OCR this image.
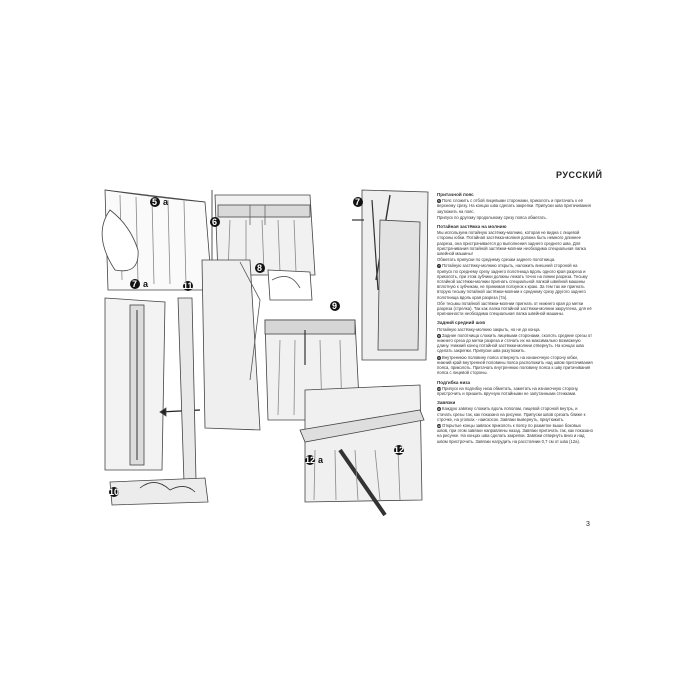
5 а
6
7
7 а
8
9
10
11
12
12 а
РУССКИЙ
Притачной пояс

5 Пояс сложить с отбой лицевыми сторонами, приколоть и притачать к её верхнему срезу. На концах шва сделать закрепки. Припуски шва притачивания заутюжить на пояс.

Припуск по другому продольному срезу пояса обметать.

Потайная застёжка на молнию

Мы используем потайную застёжку-молнию, которая не видна с лицевой стороны юбки. Потайная застёжка-молния должна быть немного длиннее разреза, она пристрачивается до выполнения заднего среднего шва. Для пристрачивания потайной застёжки-молнии необходима специальная лапка швейной машины!

Обметать припуски по среднему срезам заднего полотнища.

7 Потайную застёжку-молнию открыть, наложить внешней стороной на припуск по среднему срезу заднего полотнища вдоль одного края разреза и приколоть, при этом зубчики должны лежать точно на линии разреза. Тесьму потайной застёжки-молнии пригнать специальной лапкой швейной машины вплотную к зубчикам, не принимая ползунок к краю. За тем так же пригнать вторую тесьму потайной застёжки-молнии к среднему срезу другого заднего полотнища вдоль края разреза (7а).

Обе тесьмы потайной застёжки-молнии пригнать от нижнего края до метки разреза (стрелка). Так как лапка потайной застёжки-молнии закруглена, для её пригнанности необходима специальная лапка швейной машины.

Задний средний шов

Потайную застёжку-молнию закрыть, но не до конца.

8 Задние полотнища сложить лицевыми сторонами, сколоть средние срезы от нижнего среза до метки разреза и стачать их на максимально возможную длину. Нижний конец потайной застёжки-молнии отвернуть. На концах шва сделать закрепки. Припуски шва разутюжить.

9 Внутреннюю половину пояса отвернуть на изнаночную сторону юбки, нижний край внутренней половины пояса расположить над швом притачивания пояса, приколоть. Притачать внутреннюю половину пояса к шву притачивания пояса с лицевой стороны.

Подгибка низа

10Припуск на подгибку низа обметать, заметать на изнаночную сторону, пристрочить и пришить вручную потайными не запутанными стежками.

Завязки

11Каждую завязку сложить вдоль пополам, лицевой стороной внутрь, и стачать срезы так, как показано на рисунке. Припуски швов срезать ближе к строчке, на уголках - наискосок. Завязки вывернуть, приутюжить.

12Открытые концы завязок приколоть к поясу по разметке выше боковых швов, при этом завязки направлены назад. Завязки притачать так, как показано на рисунке. На концах шва сделать закрепки. Завязки отвернуть вниз и над швом пристрочить. Завязки нагрудить на расстоянии 0,7 см от шва (12а).

3
